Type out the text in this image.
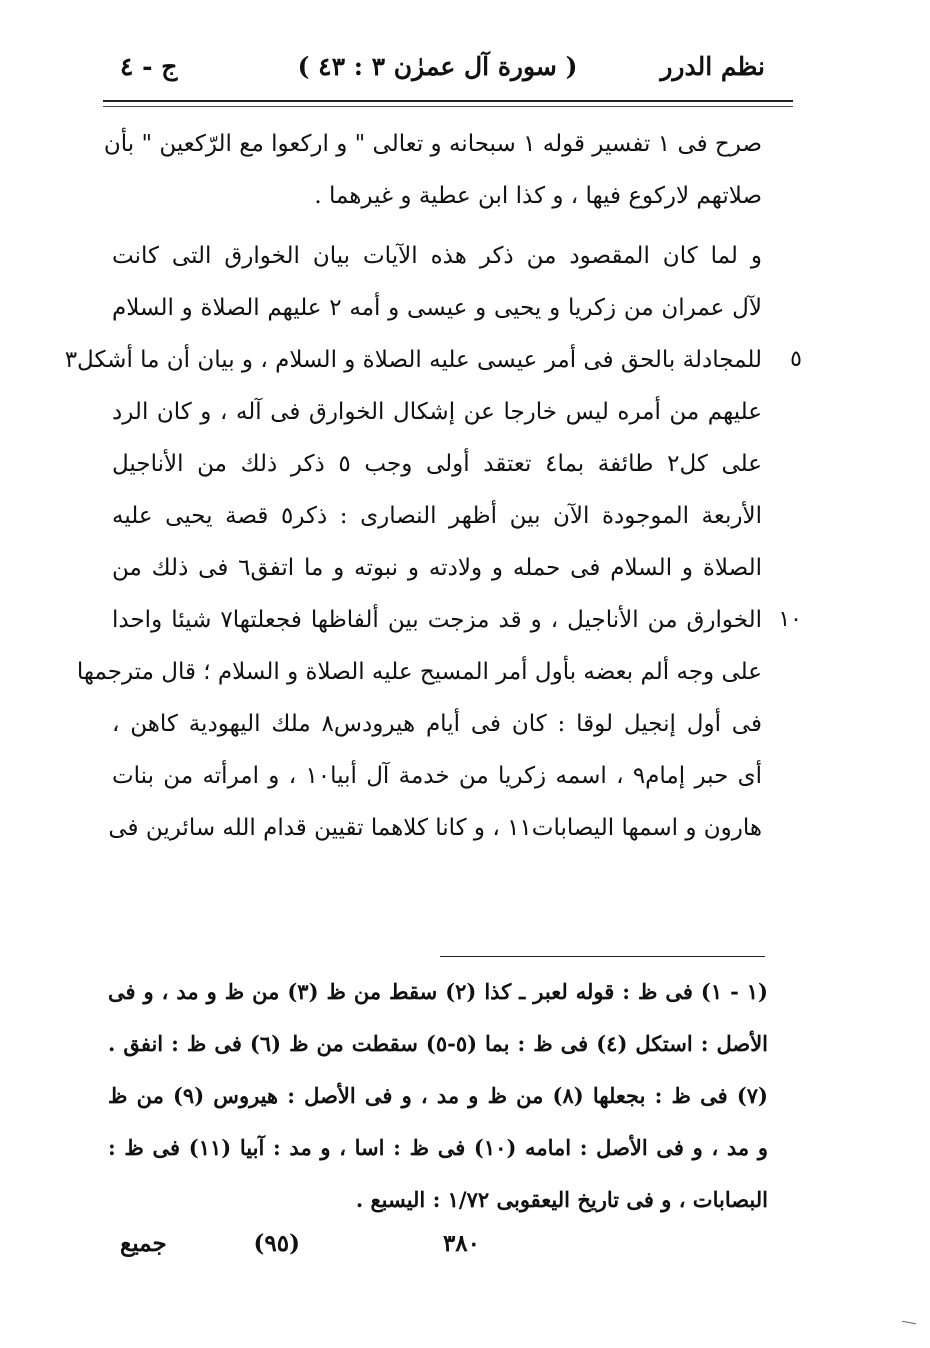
نظم الدرر
( سورة آل عمرٰن ٣ : ٤٣ )
ج - ٤
صرح فى ١ تفسير قوله ١ سبحانه و تعالى " و اركعوا مع الرّكعين " بأن
صلاتهم لاركوع فيها ، و كذا ابن عطية و غيرهما .
و لما كان المقصود من ذكر هذه الآيات بيان الخوارق التى كانت
لآل عمران من زكريا و يحيى و عيسى و أمه ٢ عليهم الصلاة و السلام
٥
للمجادلة بالحق فى أمر عيسى عليه الصلاة و السلام ، و بيان أن ما أشكل٣
عليهم من أمره ليس خارجا عن إشكال الخوارق فى آله ، و كان الرد
على كل٢ طائفة بما٤ تعتقد أولى وجب ٥ ذكر ذلك من الأناجيل
الأربعة الموجودة الآن بين أظهر النصارى : ذكر٥ قصة يحيى عليه
الصلاة و السلام فى حمله و ولادته و نبوته و ما اتفق٦ فى ذلك من
١٠
الخوارق من الأناجيل ، و قد مزجت بين ألفاظها فجعلتها٧ شيئا واحدا
على وجه ألم بعضه بأول أمر المسيح عليه الصلاة و السلام ؛ قال مترجمها
فى أول إنجيل لوقا : كان فى أيام هيرودس٨ ملك اليهودية كاهن ،
أى حبر إمام٩ ، اسمه زكريا من خدمة آل أبيا١٠ ، و امرأته من بنات
هارون و اسمها اليصابات١١ ، و كانا كلاهما تقيين قدام الله سائرين فى
(١ - ١) فى ظ : قوله لعبر ـ كذا (٢) سقط من ظ (٣) من ظ و مد ، و فى
الأصل : استكل (٤) فى ظ : بما (٥-٥) سقطت من ظ (٦) فى ظ : انفق .
(٧) فى ظ : بجعلها (٨) من ظ و مد ، و فى الأصل : هيروس (٩) من ظ
و مد ، و فى الأصل : امامه (١٠) فى ظ : اسا ، و مد : آبيا (١١) فى ظ :
البصابات ، و فى تاريخ اليعقوبى ١/٧٢ : اليسبع .
٣٨٠
(٩٥)
جميع
